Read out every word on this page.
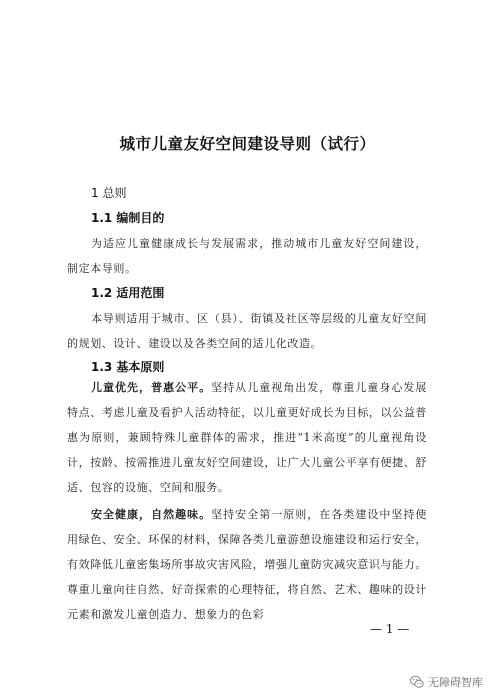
城市儿童友好空间建设导则（试行）
1 总则
1.1 编制目的
为适应儿童健康成长与发展需求，推动城市儿童友好空间建设，制定本导则。
1.2 适用范围
本导则适用于城市、区（县）、街镇及社区等层级的儿童友好空间的规划、设计、建设以及各类空间的适儿化改造。
1.3 基本原则
儿童优先，普惠公平。坚持从儿童视角出发，尊重儿童身心发展特点、考虑儿童及看护人活动特征，以儿童更好成长为目标，以公益普惠为原则，兼顾特殊儿童群体的需求，推进“1米高度”的儿童视角设计，按龄、按需推进儿童友好空间建设，让广大儿童公平享有便捷、舒适、包容的设施、空间和服务。
安全健康，自然趣味。坚持安全第一原则，在各类建设中坚持使用绿色、安全、环保的材料，保障各类儿童游憩设施建设和运行安全，有效降低儿童密集场所事故灾害风险，增强儿童防灾减灾意识与能力。尊重儿童向往自然、好奇探索的心理特征，将自然、艺术、趣味的设计元素和激发儿童创造力、想象力的色彩
— 1 —
无障碍智库
